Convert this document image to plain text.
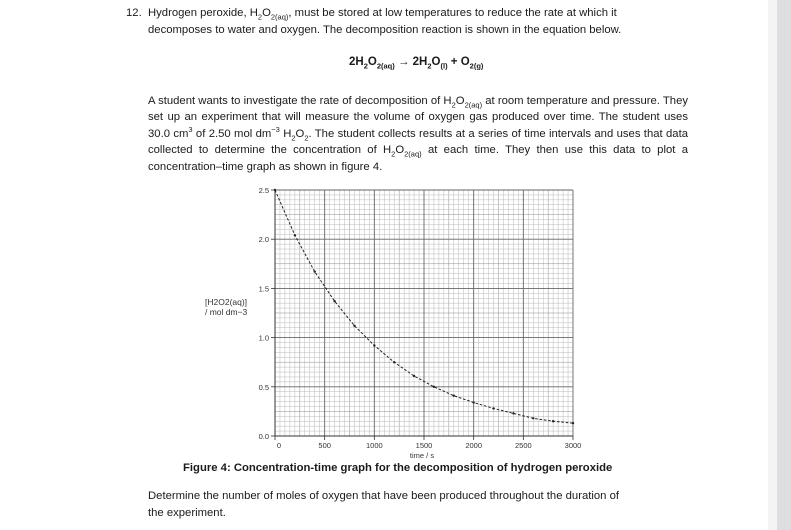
12. Hydrogen peroxide, $H_2O_{2(aq)}$, must be stored at low temperatures to reduce the rate at which it
decomposes to water and oxygen. The decomposition reaction is shown in the equation below.
$2H_2O_{2(aq)} \to 2H_2O_{(l)} + O_{2(g)}$
A student wants to investigate the rate of decomposition of $H_2O_{2(aq)}$ at room temperature and pressure. They set up an experiment that will measure the volume of oxygen gas produced over time. The student uses 30.0 $cm^3$ of 2.50 mol $dm^{-3}$ $H_2O_2$. The student collects results at a series of time intervals and uses that data collected to determine the concentration of $H_2O_{2(aq)}$ at each time. They then use this data to plot a concentration–time graph as shown in figure 4.
0.0
0.5
1.0
1.5
2.0
2.5
0	500	1000	1500	2000	2500	3000
[H2O2(aq)]
/ mol dm−3
time / s
Figure 4: Concentration-time graph for the decomposition of hydrogen peroxide
Determine the number of moles of oxygen that have been produced throughout the duration of
the experiment.
